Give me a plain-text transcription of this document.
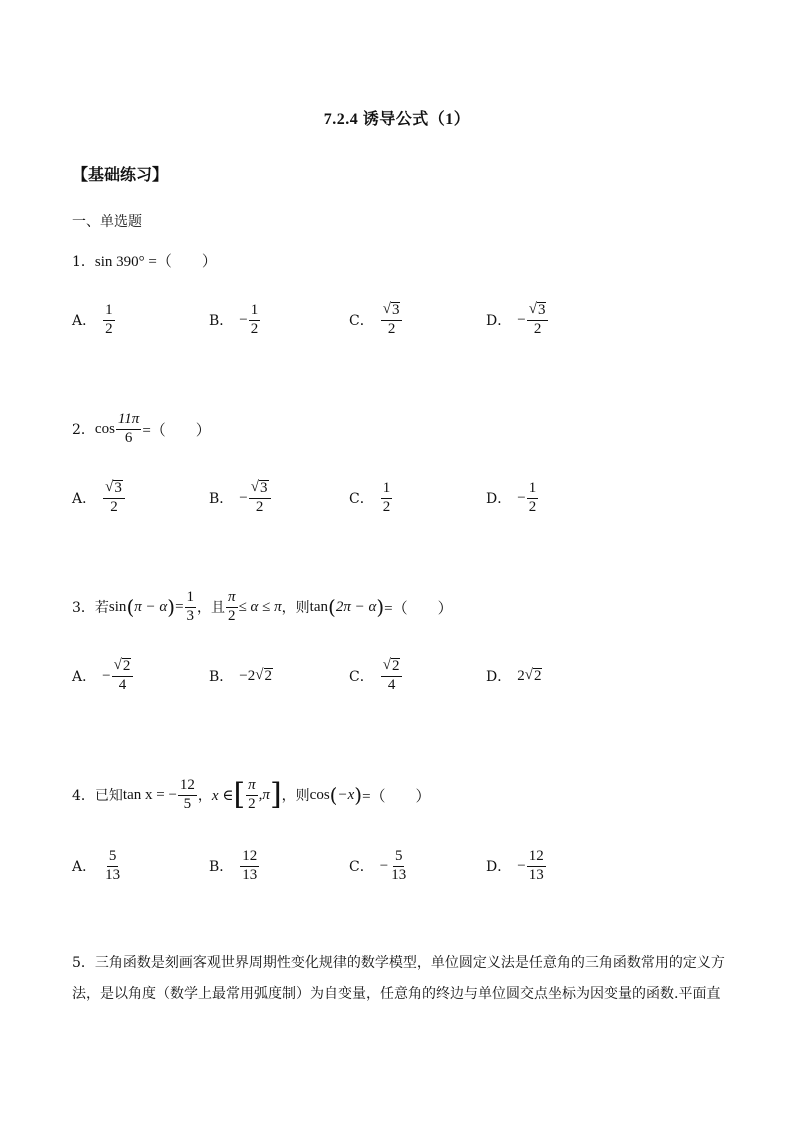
7.2.4 诱导公式（1）
【基础练习】
一、单选题
1． sin 390° =（　　）
A． $\frac{1}{2}$	B． − $\frac{1}{2}$	C． $\frac{√ 3}{2}$	D． − $\frac{√ 3}{2}$
2． $\cos \frac{11\pi}{6}$ =（　　）
A． $\frac{√ 3}{2}$	B． − $\frac{√ 3}{2}$	C． $\frac{1}{2}$	D． − $\frac{1}{2}$
3． 若 sin ( π − α ) = $\frac{1}{3}$ ，且 $\frac{\pi}{2} \le \alpha \le \pi$ ，则 tan ( 2π − α ) =（　　）
A． − $\frac{√ 2}{4}$	B． −2 √ 2	C． $\frac{√ 2}{4}$	D． 2 √ 2
4． 已知 tan x = − $\frac{12}{5}$ ， x ∈ [ $\frac{\pi}{2} ,\pi$ ] ，则 cos ( −x ) =（　　）
A． $\frac{5}{13}$	B． $\frac{12}{13}$	C． − $\frac{5}{13}$	D． − $\frac{12}{13}$
5．三角函数是刻画客观世界周期性变化规律的数学模型，单位圆定义法是任意角的三角函数常用的定义方法，是以角度（数学上最常用弧度制）为自变量，任意角的终边与单位圆交点坐标为因变量的函数.平面直
